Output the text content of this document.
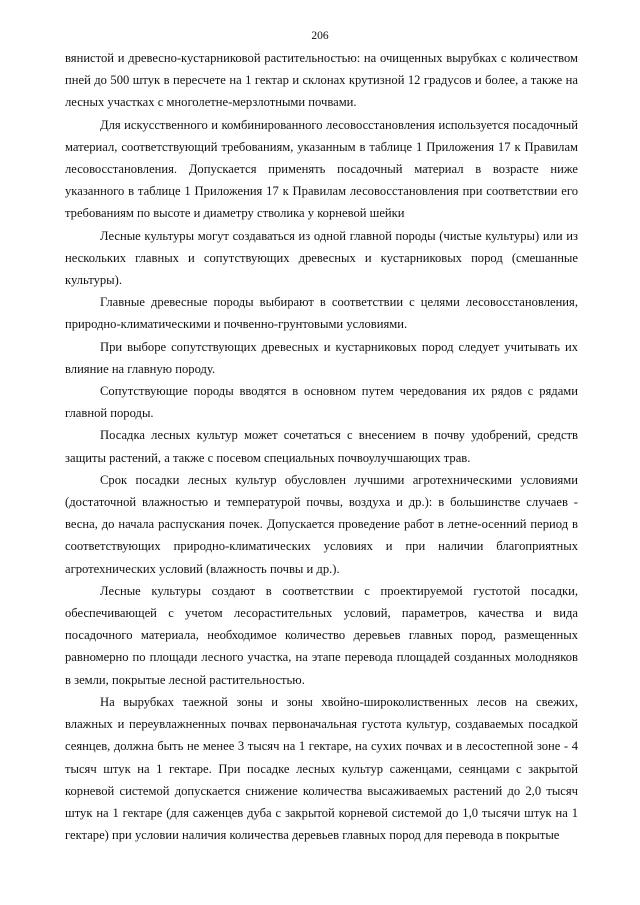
206

вянистой и древесно-кустарниковой растительностью: на очищенных вырубках с количеством пней до 500 штук в пересчете на 1 гектар и склонах крутизной 12 градусов и более, а также на лесных участках с многолетне-мерзлотными почвами.

Для искусственного и комбинированного лесовосстановления используется посадочный материал, соответствующий требованиям, указанным в таблице 1 Приложения 17 к Правилам лесовосстановления. Допускается применять посадочный материал в возрасте ниже указанного в таблице 1 Приложения 17 к Правилам лесовосстановления при соответствии его требованиям по высоте и диаметру стволика у корневой шейки

Лесные культуры могут создаваться из одной главной породы (чистые культуры) или из нескольких главных и сопутствующих древесных и кустарниковых пород (смешанные культуры).

Главные древесные породы выбирают в соответствии с целями лесовосстановления, природно-климатическими и почвенно-грунтовыми условиями.

При выборе сопутствующих древесных и кустарниковых пород следует учитывать их влияние на главную породу.

Сопутствующие породы вводятся в основном путем чередования их рядов с рядами главной породы.

Посадка лесных культур может сочетаться с внесением в почву удобрений, средств защиты растений, а также с посевом специальных почвоулучшающих трав.

Срок посадки лесных культур обусловлен лучшими агротехническими условиями (достаточной влажностью и температурой почвы, воздуха и др.): в большинстве случаев - весна, до начала распускания почек. Допускается проведение работ в летне-осенний период в соответствующих природно-климатических условиях и при наличии благоприятных агротехнических условий (влажность почвы и др.).

Лесные культуры создают в соответствии с проектируемой густотой посадки, обеспечивающей с учетом лесорастительных условий, параметров, качества и вида посадочного материала, необходимое количество деревьев главных пород, размещенных равномерно по площади лесного участка, на этапе перевода площадей созданных молодняков в земли, покрытые лесной растительностью.

На вырубках таежной зоны и зоны хвойно-широколиственных лесов на свежих, влажных и переувлажненных почвах первоначальная густота культур, создаваемых посадкой сеянцев, должна быть не менее 3 тысяч на 1 гектаре, на сухих почвах и в лесостепной зоне - 4 тысяч штук на 1 гектаре. При посадке лесных культур саженцами, сеянцами с закрытой корневой системой допускается снижение количества высаживаемых растений до 2,0 тысяч штук на 1 гектаре (для саженцев дуба с закрытой корневой системой до 1,0 тысячи штук на 1 гектаре) при условии наличия количества деревьев главных пород для перевода в покрытые
